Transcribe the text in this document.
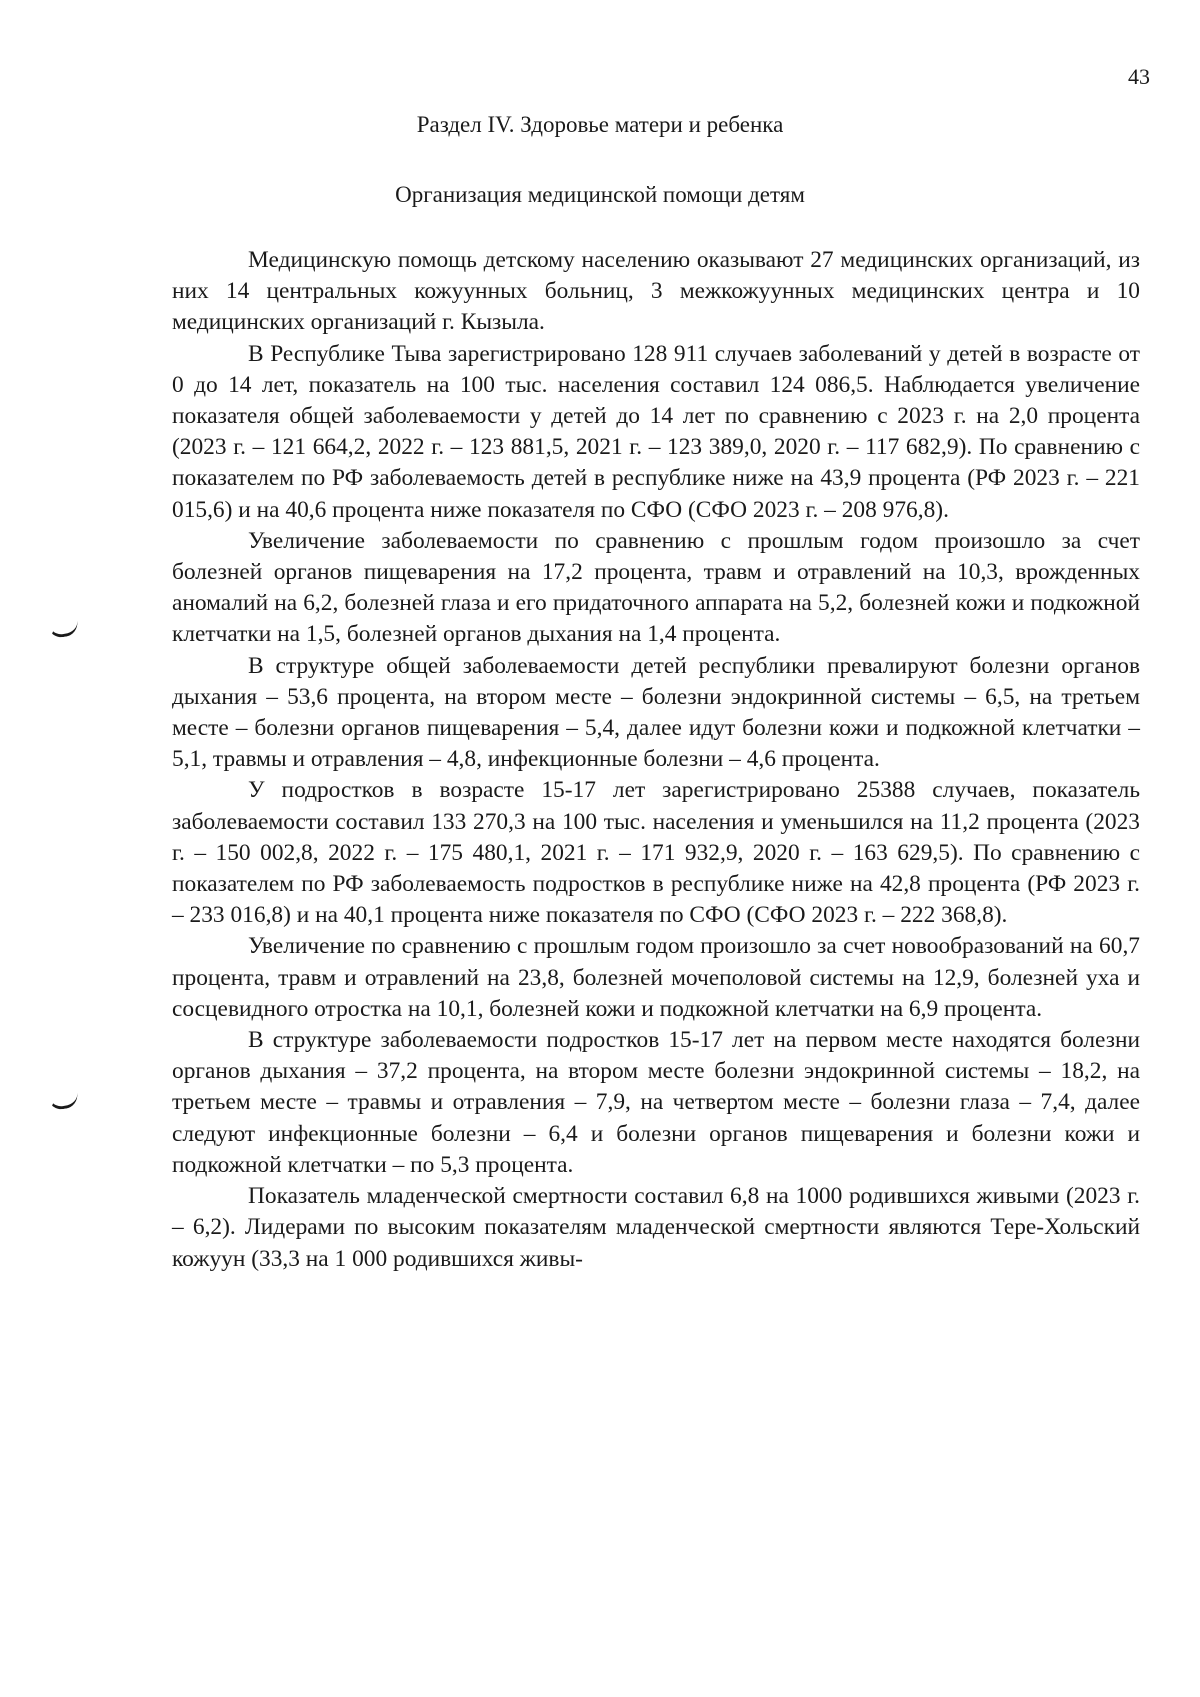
43
Раздел IV. Здоровье матери и ребенка
Организация медицинской помощи детям

Медицинскую помощь детскому населению оказывают 27 медицинских организаций, из них 14 центральных кожуунных больниц, 3 межкожуунных медицинских центра и 10 медицинских организаций г. Кызыла.

В Республике Тыва зарегистрировано 128 911 случаев заболеваний у детей в возрасте от 0 до 14 лет, показатель на 100 тыс. населения составил 124 086,5. Наблюдается увеличение показателя общей заболеваемости у детей до 14 лет по сравнению с 2023 г. на 2,0 процента (2023 г. – 121 664,2, 2022 г. – 123 881,5, 2021 г. – 123 389,0, 2020 г. – 117 682,9). По сравнению с показателем по РФ заболеваемость детей в республике ниже на 43,9 процента (РФ 2023 г. – 221 015,6) и на 40,6 процента ниже показателя по СФО (СФО 2023 г. – 208 976,8).

Увеличение заболеваемости по сравнению с прошлым годом произошло за счет болезней органов пищеварения на 17,2 процента, травм и отравлений на 10,3, врожденных аномалий на 6,2, болезней глаза и его придаточного аппарата на 5,2, болезней кожи и подкожной клетчатки на 1,5, болезней органов дыхания на 1,4 процента.

В структуре общей заболеваемости детей республики превалируют болезни органов дыхания – 53,6 процента, на втором месте – болезни эндокринной системы – 6,5, на третьем месте – болезни органов пищеварения – 5,4, далее идут болезни кожи и подкожной клетчатки – 5,1, травмы и отравления – 4,8, инфекционные болезни – 4,6 процента.

У подростков в возрасте 15-17 лет зарегистрировано 25388 случаев, показатель заболеваемости составил 133 270,3 на 100 тыс. населения и уменьшился на 11,2 процента (2023 г. – 150 002,8, 2022 г. – 175 480,1, 2021 г. – 171 932,9, 2020 г. – 163 629,5). По сравнению с показателем по РФ заболеваемость подростков в республике ниже на 42,8 процента (РФ 2023 г. – 233 016,8) и на 40,1 процента ниже показателя по СФО (СФО 2023 г. – 222 368,8).

Увеличение по сравнению с прошлым годом произошло за счет новообразований на 60,7 процента, травм и отравлений на 23,8, болезней мочеполовой системы на 12,9, болезней уха и сосцевидного отростка на 10,1, болезней кожи и подкожной клетчатки на 6,9 процента.

В структуре заболеваемости подростков 15-17 лет на первом месте находятся болезни органов дыхания – 37,2 процента, на втором месте болезни эндокринной системы – 18,2, на третьем месте – травмы и отравления – 7,9, на четвертом месте – болезни глаза – 7,4, далее следуют инфекционные болезни – 6,4 и болезни органов пищеварения и болезни кожи и подкожной клетчатки – по 5,3 процента.

Показатель младенческой смертности составил 6,8 на 1000 родившихся живыми (2023 г. – 6,2). Лидерами по высоким показателям младенческой смертности являются Тере-Хольский кожуун (33,3 на 1 000 родившихся живы-
